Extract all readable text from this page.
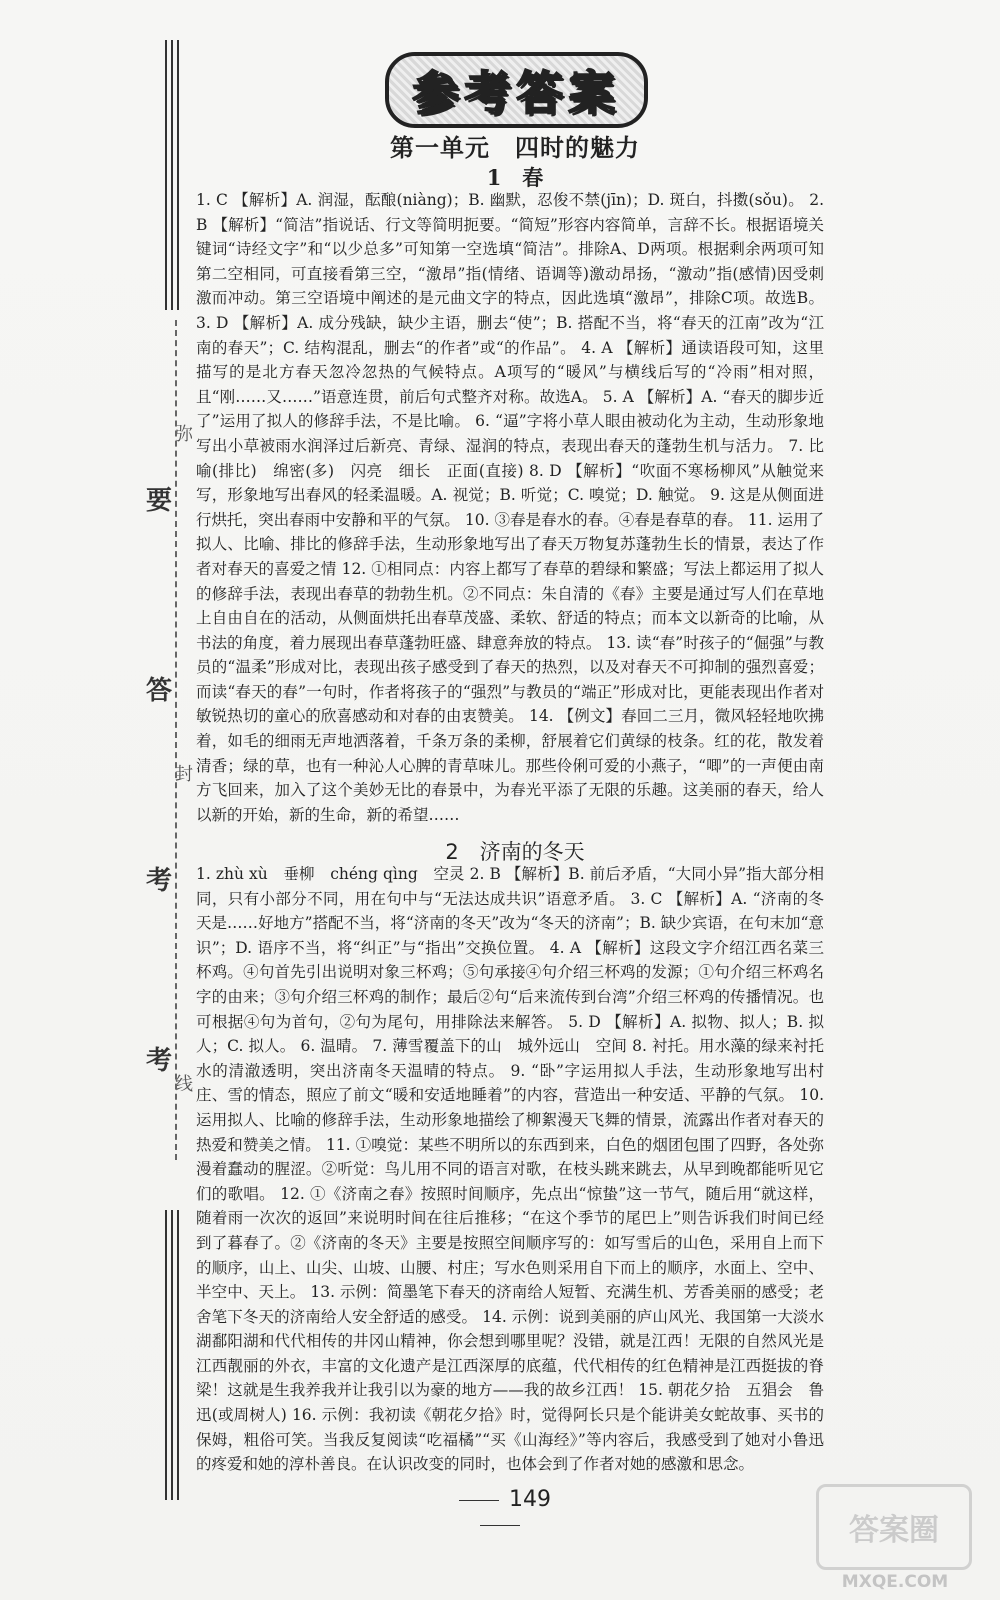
要
弥
答
封
考
考
线
参考答案
第一单元　四时的魅力
1　春
1. C 【解析】A. 润湿，酝酿(niàng)；B. 幽默，忍俊不禁(jīn)；D. 斑白，抖擞(sǒu)。 2. B 【解析】“简洁”指说话、行文等简明扼要。“简短”形容内容简单，言辞不长。根据语境关键词“诗经文字”和“以少总多”可知第一空选填“简洁”。排除A、D两项。根据剩余两项可知第二空相同，可直接看第三空，“激昂”指(情绪、语调等)激动昂扬，“激动”指(感情)因受刺激而冲动。第三空语境中阐述的是元曲文字的特点，因此选填“激昂”，排除C项。故选B。 3. D 【解析】A. 成分残缺，缺少主语，删去“使”；B. 搭配不当，将“春天的江南”改为“江南的春天”；C. 结构混乱，删去“的作者”或“的作品”。 4. A 【解析】通读语段可知，这里描写的是北方春天忽冷忽热的气候特点。A项写的“暖风”与横线后写的“冷雨”相对照，且“刚……又……”语意连贯，前后句式整齐对称。故选A。 5. A 【解析】A. “春天的脚步近了”运用了拟人的修辞手法，不是比喻。 6. “逼”字将小草人眼由被动化为主动，生动形象地写出小草被雨水润泽过后新亮、青绿、湿润的特点，表现出春天的蓬勃生机与活力。 7. 比喻(排比)　绵密(多)　闪亮　细长　正面(直接) 8. D 【解析】“吹面不寒杨柳风”从触觉来写，形象地写出春风的轻柔温暖。A. 视觉；B. 听觉；C. 嗅觉；D. 触觉。 9. 这是从侧面进行烘托，突出春雨中安静和平的气氛。 10. ③春是春水的春。④春是春草的春。 11. 运用了拟人、比喻、排比的修辞手法，生动形象地写出了春天万物复苏蓬勃生长的情景，表达了作者对春天的喜爱之情 12. ①相同点：内容上都写了春草的碧绿和繁盛；写法上都运用了拟人的修辞手法，表现出春草的勃勃生机。②不同点：朱自清的《春》主要是通过写人们在草地上自由自在的活动，从侧面烘托出春草茂盛、柔软、舒适的特点；而本文以新奇的比喻，从书法的角度，着力展现出春草蓬勃旺盛、肆意奔放的特点。 13. 读“春”时孩子的“倔强”与教员的“温柔”形成对比，表现出孩子感受到了春天的热烈，以及对春天不可抑制的强烈喜爱；而读“春天的春”一句时，作者将孩子的“强烈”与教员的“端正”形成对比，更能表现出作者对敏锐热切的童心的欣喜感动和对春的由衷赞美。 14. 【例文】春回二三月，微风轻轻地吹拂着，如毛的细雨无声地洒落着，千条万条的柔柳，舒展着它们黄绿的枝条。红的花，散发着清香；绿的草，也有一种沁人心脾的青草味儿。那些伶俐可爱的小燕子，“唧”的一声便由南方飞回来，加入了这个美妙无比的春景中，为春光平添了无限的乐趣。这美丽的春天，给人以新的开始，新的生命，新的希望……
2　济南的冬天
1. zhù xù　垂柳　chéng qìng　空灵 2. B 【解析】B. 前后矛盾，“大同小异”指大部分相同，只有小部分不同，用在句中与“无法达成共识”语意矛盾。 3. C 【解析】A. “济南的冬天是……好地方”搭配不当，将“济南的冬天”改为“冬天的济南”；B. 缺少宾语，在句末加“意识”；D. 语序不当，将“纠正”与“指出”交换位置。 4. A 【解析】这段文字介绍江西名菜三杯鸡。④句首先引出说明对象三杯鸡；⑤句承接④句介绍三杯鸡的发源；①句介绍三杯鸡名字的由来；③句介绍三杯鸡的制作；最后②句“后来流传到台湾”介绍三杯鸡的传播情况。也可根据④句为首句，②句为尾句，用排除法来解答。 5. D 【解析】A. 拟物、拟人；B. 拟人；C. 拟人。 6. 温晴。 7. 薄雪覆盖下的山　城外远山　空间 8. 衬托。用水藻的绿来衬托水的清澈透明，突出济南冬天温晴的特点。 9. “卧”字运用拟人手法，生动形象地写出村庄、雪的情态，照应了前文“暖和安适地睡着”的内容，营造出一种安适、平静的气氛。 10. 运用拟人、比喻的修辞手法，生动形象地描绘了柳絮漫天飞舞的情景，流露出作者对春天的热爱和赞美之情。 11. ①嗅觉：某些不明所以的东西到来，白色的烟团包围了四野，各处弥漫着蠢动的腥涩。②听觉：鸟儿用不同的语言对歌，在枝头跳来跳去，从早到晚都能听见它们的歌唱。 12. ①《济南之春》按照时间顺序，先点出“惊蛰”这一节气，随后用“就这样，随着雨一次次的返回”来说明时间在往后推移；“在这个季节的尾巴上”则告诉我们时间已经到了暮春了。②《济南的冬天》主要是按照空间顺序写的：如写雪后的山色，采用自上而下的顺序，山上、山尖、山坡、山腰、村庄；写水色则采用自下而上的顺序，水面上、空中、半空中、天上。 13. 示例：简墨笔下春天的济南给人短暂、充满生机、芳香美丽的感受；老舍笔下冬天的济南给人安全舒适的感受。 14. 示例：说到美丽的庐山风光、我国第一大淡水湖鄱阳湖和代代相传的井冈山精神，你会想到哪里呢？没错，就是江西！无限的自然风光是江西靓丽的外衣，丰富的文化遗产是江西深厚的底蕴，代代相传的红色精神是江西挺拔的脊梁！这就是生我养我并让我引以为豪的地方——我的故乡江西！ 15. 朝花夕拾　五猖会　鲁迅(或周树人) 16. 示例：我初读《朝花夕拾》时，觉得阿长只是个能讲美女蛇故事、买书的保姆，粗俗可笑。当我反复阅读“吃福橘”“买《山海经》”等内容后，我感受到了她对小鲁迅的疼爱和她的淳朴善良。在认识改变的同时，也体会到了作者对她的感激和思念。
149
答案圈
MXQE.COM
